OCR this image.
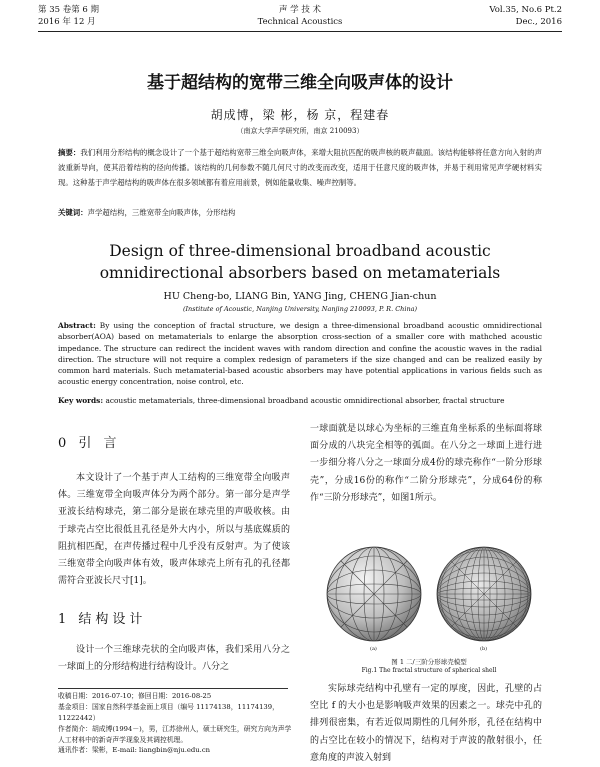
第 35 卷第 6 期	声 学 技 术	Vol.35, No.6 Pt.2
2016 年 12 月	Technical Acoustics	Dec., 2016
基于超结构的宽带三维全向吸声体的设计
胡成博，梁 彬，杨 京，程建春
（南京大学声学研究所，南京 210093）
摘要：我们利用分形结构的概念设计了一个基于超结构宽带三维全向吸声体，来增大阻抗匹配的吸声核的吸声截面。该结构能够将任意方向入射的声波重新导向，使其沿着结构的径向传播。该结构的几何参数不随几何尺寸的改变而改变，适用于任意尺度的吸声体，并易于利用常见声学硬材料实现。这种基于声学超结构的吸声体在很多领域都有着应用前景，例如能量收集、噪声控制等。
关键词：声学超结构，三维宽带全向吸声体，分形结构
Design of three-dimensional broadband acoustic omnidirectional absorbers based on metamaterials
HU Cheng-bo, LIANG Bin, YANG Jing, CHENG Jian-chun
(Institute of Acoustic, Nanjing University, Nanjing 210093, P. R. China)
Abstract: By using the conception of fractal structure, we design a three-dimensional broadband acoustic omnidirectional absorber(AOA) based on metamaterials to enlarge the absorption cross-section of a smaller core with mathched acoustic impedance. The structure can redirect the incident waves with random direction and confine the acoustic waves in the radial direction. The structure will not require a complex redesign of parameters if the size changed and can be realized easily by common hard materials. Such metamaterial-based acoustic absorbers may have potential applications in various fields such as acoustic energy concentration, noise control, etc.
Key words: acoustic metamaterials, three-dimensional broadband acoustic omnidirectional absorber, fractal structure
0 引 言
本文设计了一个基于声人工结构的三维宽带全向吸声体。三维宽带全向吸声体分为两个部分。第一部分是声学亚波长结构球壳，第二部分是嵌在球壳里的声吸收核。由于球壳占空比很低且孔径是外大内小，所以与基底媒质的阻抗相匹配，在声传播过程中几乎没有反射声。为了使该三维宽带全向吸声体有效，吸声体球壳上所有孔的孔径都需符合亚波长尺寸[1]。
1 结构设计
设计一个三维球壳状的全向吸声体，我们采用八分之一球面上的分形结构进行结构设计。八分之
收稿日期：2016-07-10；修回日期：2016-08-25
基金项目：国家自然科学基金面上项目（编号 11174138，11174139，11222442）
作者简介：胡成博(1994－)，男，江苏徐州人，硕士研究生，研究方向为声学人工材料中的新奇声学现象及其调控机理。
通讯作者：梁彬，E-mail: liangbin@nju.edu.cn
一球面就是以球心为坐标的三维直角坐标系的坐标面将球面分成的八块完全相等的弧面。在八分之一球面上进行进一步细分将八分之一球面分成4份的球壳称作“一阶分形球壳”，分成16份的称作“二阶分形球壳”，分成64份的称作“三阶分形球壳”，如图1所示。
(a)	(b)
图 1 二/三阶分形球壳模型
Fig.1 The fractal structure of spherical shell
实际球壳结构中孔壁有一定的厚度，因此，孔壁的占空比 f 的大小也是影响吸声效果的因素之一。球壳中孔的排列很密集，有若近似周期性的几何外形，孔径在结构中的占空比在较小的情况下，结构对于声波的散射很小，任意角度的声波入射到
